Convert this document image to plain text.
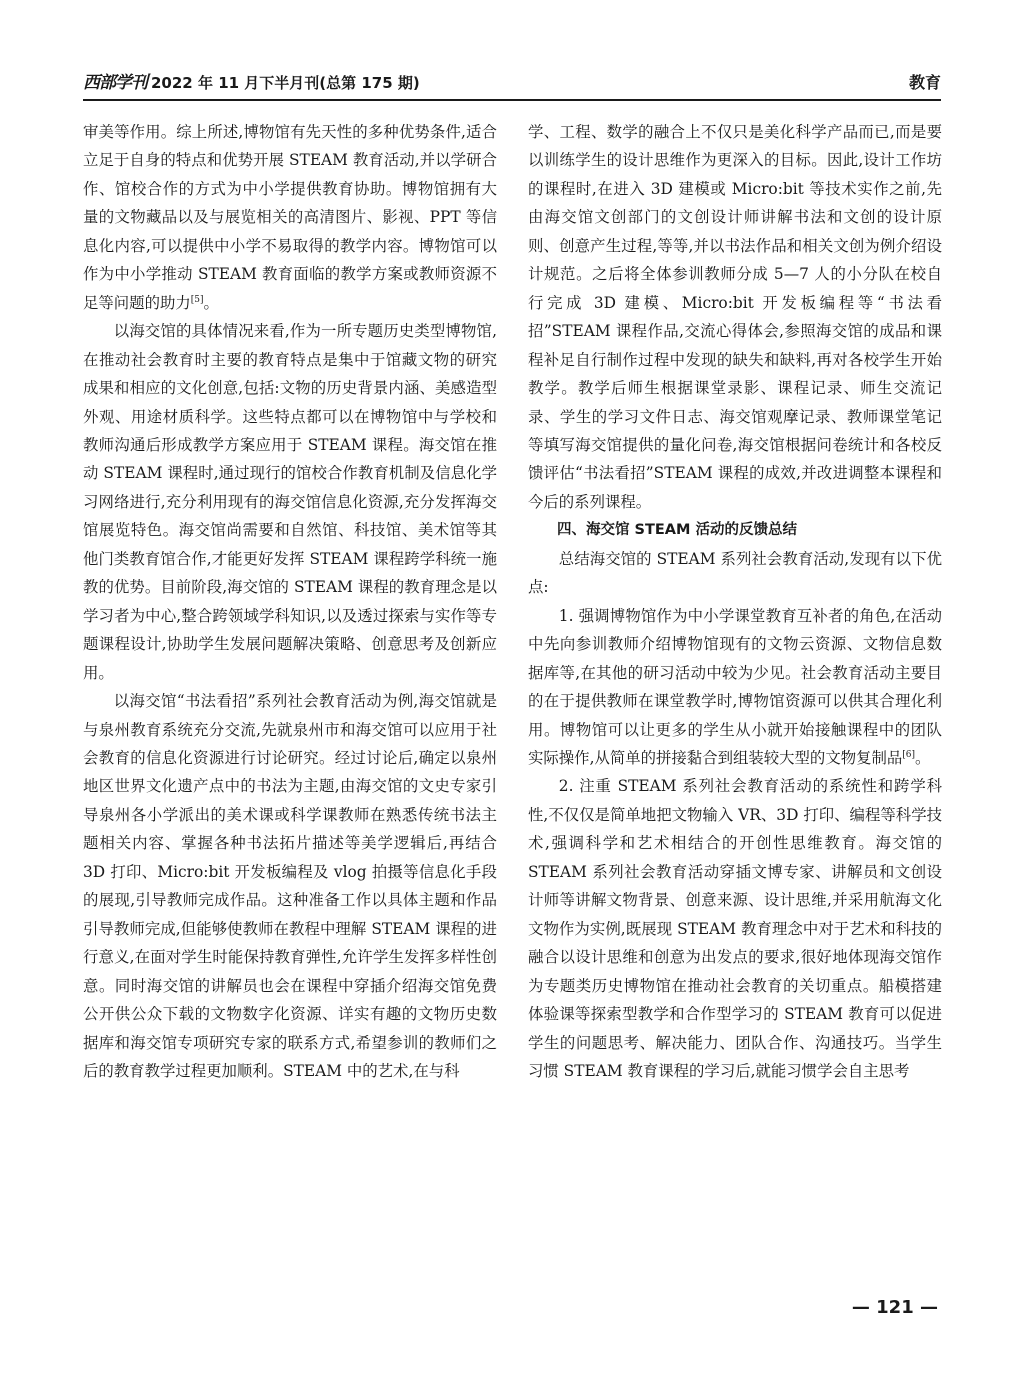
西部学刊 2022 年 11 月下半月刊(总第 175 期)	教育

审美等作用。综上所述,博物馆有先天性的多种优势条件,适合立足于自身的特点和优势开展 STEAM 教育活动,并以学研合作、馆校合作的方式为中小学提供教育协助。博物馆拥有大量的文物藏品以及与展览相关的高清图片、影视、PPT 等信息化内容,可以提供中小学不易取得的教学内容。博物馆可以作为中小学推动 STEAM 教育面临的教学方案或教师资源不足等问题的助力[5]。

以海交馆的具体情况来看,作为一所专题历史类型博物馆,在推动社会教育时主要的教育特点是集中于馆藏文物的研究成果和相应的文化创意,包括:文物的历史背景内涵、美感造型外观、用途材质科学。这些特点都可以在博物馆中与学校和教师沟通后形成教学方案应用于 STEAM 课程。海交馆在推动 STEAM 课程时,通过现行的馆校合作教育机制及信息化学习网络进行,充分利用现有的海交馆信息化资源,充分发挥海交馆展览特色。海交馆尚需要和自然馆、科技馆、美术馆等其他门类教育馆合作,才能更好发挥 STEAM 课程跨学科统一施教的优势。目前阶段,海交馆的 STEAM 课程的教育理念是以学习者为中心,整合跨领域学科知识,以及透过探索与实作等专题课程设计,协助学生发展问题解决策略、创意思考及创新应用。

以海交馆“书法看招”系列社会教育活动为例,海交馆就是与泉州教育系统充分交流,先就泉州市和海交馆可以应用于社会教育的信息化资源进行讨论研究。经过讨论后,确定以泉州地区世界文化遗产点中的书法为主题,由海交馆的文史专家引导泉州各小学派出的美术课或科学课教师在熟悉传统书法主题相关内容、掌握各种书法拓片描述等美学逻辑后,再结合 3D 打印、Micro:bit 开发板编程及 vlog 拍摄等信息化手段的展现,引导教师完成作品。这种准备工作以具体主题和作品引导教师完成,但能够使教师在教程中理解 STEAM 课程的进行意义,在面对学生时能保持教育弹性,允许学生发挥多样性创意。同时海交馆的讲解员也会在课程中穿插介绍海交馆免费公开供公众下载的文物数字化资源、详实有趣的文物历史数据库和海交馆专项研究专家的联系方式,希望参训的教师们之后的教育教学过程更加顺利。STEAM 中的艺术,在与科

学、工程、数学的融合上不仅只是美化科学产品而已,而是要以训练学生的设计思维作为更深入的目标。因此,设计工作坊的课程时,在进入 3D 建模或 Micro:bit 等技术实作之前,先由海交馆文创部门的文创设计师讲解书法和文创的设计原则、创意产生过程,等等,并以书法作品和相关文创为例介绍设计规范。之后将全体参训教师分成 5—7 人的小分队在校自行完成 3D 建模、Micro:bit 开发板编程等“书法看招”STEAM 课程作品,交流心得体会,参照海交馆的成品和课程补足自行制作过程中发现的缺失和缺料,再对各校学生开始教学。教学后师生根据课堂录影、课程记录、师生交流记录、学生的学习文件日志、海交馆观摩记录、教师课堂笔记等填写海交馆提供的量化问卷,海交馆根据问卷统计和各校反馈评估“书法看招”STEAM 课程的成效,并改进调整本课程和今后的系列课程。

四、海交馆 STEAM 活动的反馈总结

总结海交馆的 STEAM 系列社会教育活动,发现有以下优点:

1. 强调博物馆作为中小学课堂教育互补者的角色,在活动中先向参训教师介绍博物馆现有的文物云资源、文物信息数据库等,在其他的研习活动中较为少见。社会教育活动主要目的在于提供教师在课堂教学时,博物馆资源可以供其合理化利用。博物馆可以让更多的学生从小就开始接触课程中的团队实际操作,从简单的拼接黏合到组装较大型的文物复制品[6]。

2. 注重 STEAM 系列社会教育活动的系统性和跨学科性,不仅仅是简单地把文物输入 VR、3D 打印、编程等科学技术,强调科学和艺术相结合的开创性思维教育。海交馆的 STEAM 系列社会教育活动穿插文博专家、讲解员和文创设计师等讲解文物背景、创意来源、设计思维,并采用航海文化文物作为实例,既展现 STEAM 教育理念中对于艺术和科技的融合以设计思维和创意为出发点的要求,很好地体现海交馆作为专题类历史博物馆在推动社会教育的关切重点。船模搭建体验课等探索型教学和合作型学习的 STEAM 教育可以促进学生的问题思考、解决能力、团队合作、沟通技巧。当学生习惯 STEAM 教育课程的学习后,就能习惯学会自主思考

— 121 —
